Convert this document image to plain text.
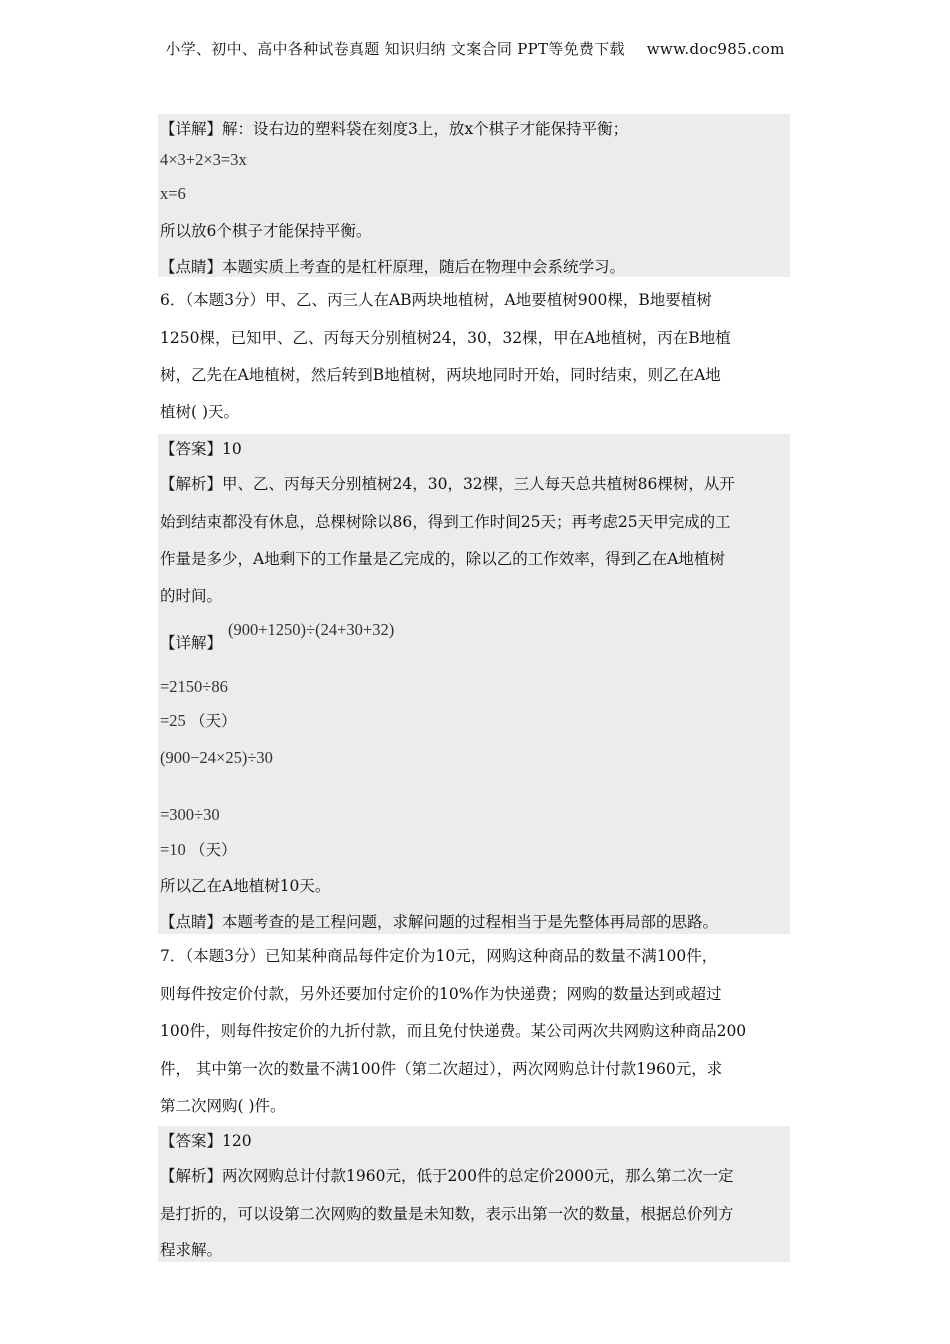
小学、初中、高中各种试卷真题 知识归纳 文案合同 PPT等免费下载 www.doc985.com
【详解】解：设右边的塑料袋在刻度3上，放x个棋子才能保持平衡；
4×3+2×3=3x
x=6
所以放6个棋子才能保持平衡。
【点睛】本题实质上考查的是杠杆原理，随后在物理中会系统学习。
6．（本题3分）甲、乙、丙三人在AB两块地植树，A地要植树900棵，B地要植树
1250棵，已知甲、乙、丙每天分别植树24，30，32棵，甲在A地植树，丙在B地植
树，乙先在A地植树，然后转到B地植树，两块地同时开始，同时结束，则乙在A地
植树( )天。
【答案】10
【解析】甲、乙、丙每天分别植树24，30，32棵，三人每天总共植树86棵树，从开
始到结束都没有休息，总棵树除以86，得到工作时间25天；再考虑25天甲完成的工
作量是多少，A地剩下的工作量是乙完成的，除以乙的工作效率，得到乙在A地植树
的时间。
【详解】
(900+1250)÷(24+30+32)
=2150÷86
=25 （天）
(900−24×25)÷30
=300÷30
=10 （天）
所以乙在A地植树10天。
【点睛】本题考查的是工程问题，求解问题的过程相当于是先整体再局部的思路。
7．（本题3分）已知某种商品每件定价为10元，网购这种商品的数量不满100件，
则每件按定价付款，另外还要加付定价的10%作为快递费；网购的数量达到或超过
100件，则每件按定价的九折付款，而且免付快递费。某公司两次共网购这种商品200
件， 其中第一次的数量不满100件（第二次超过），两次网购总计付款1960元，求
第二次网购( )件。
【答案】120
【解析】两次网购总计付款1960元，低于200件的总定价2000元，那么第二次一定
是打折的，可以设第二次网购的数量是未知数，表示出第一次的数量，根据总价列方
程求解。
